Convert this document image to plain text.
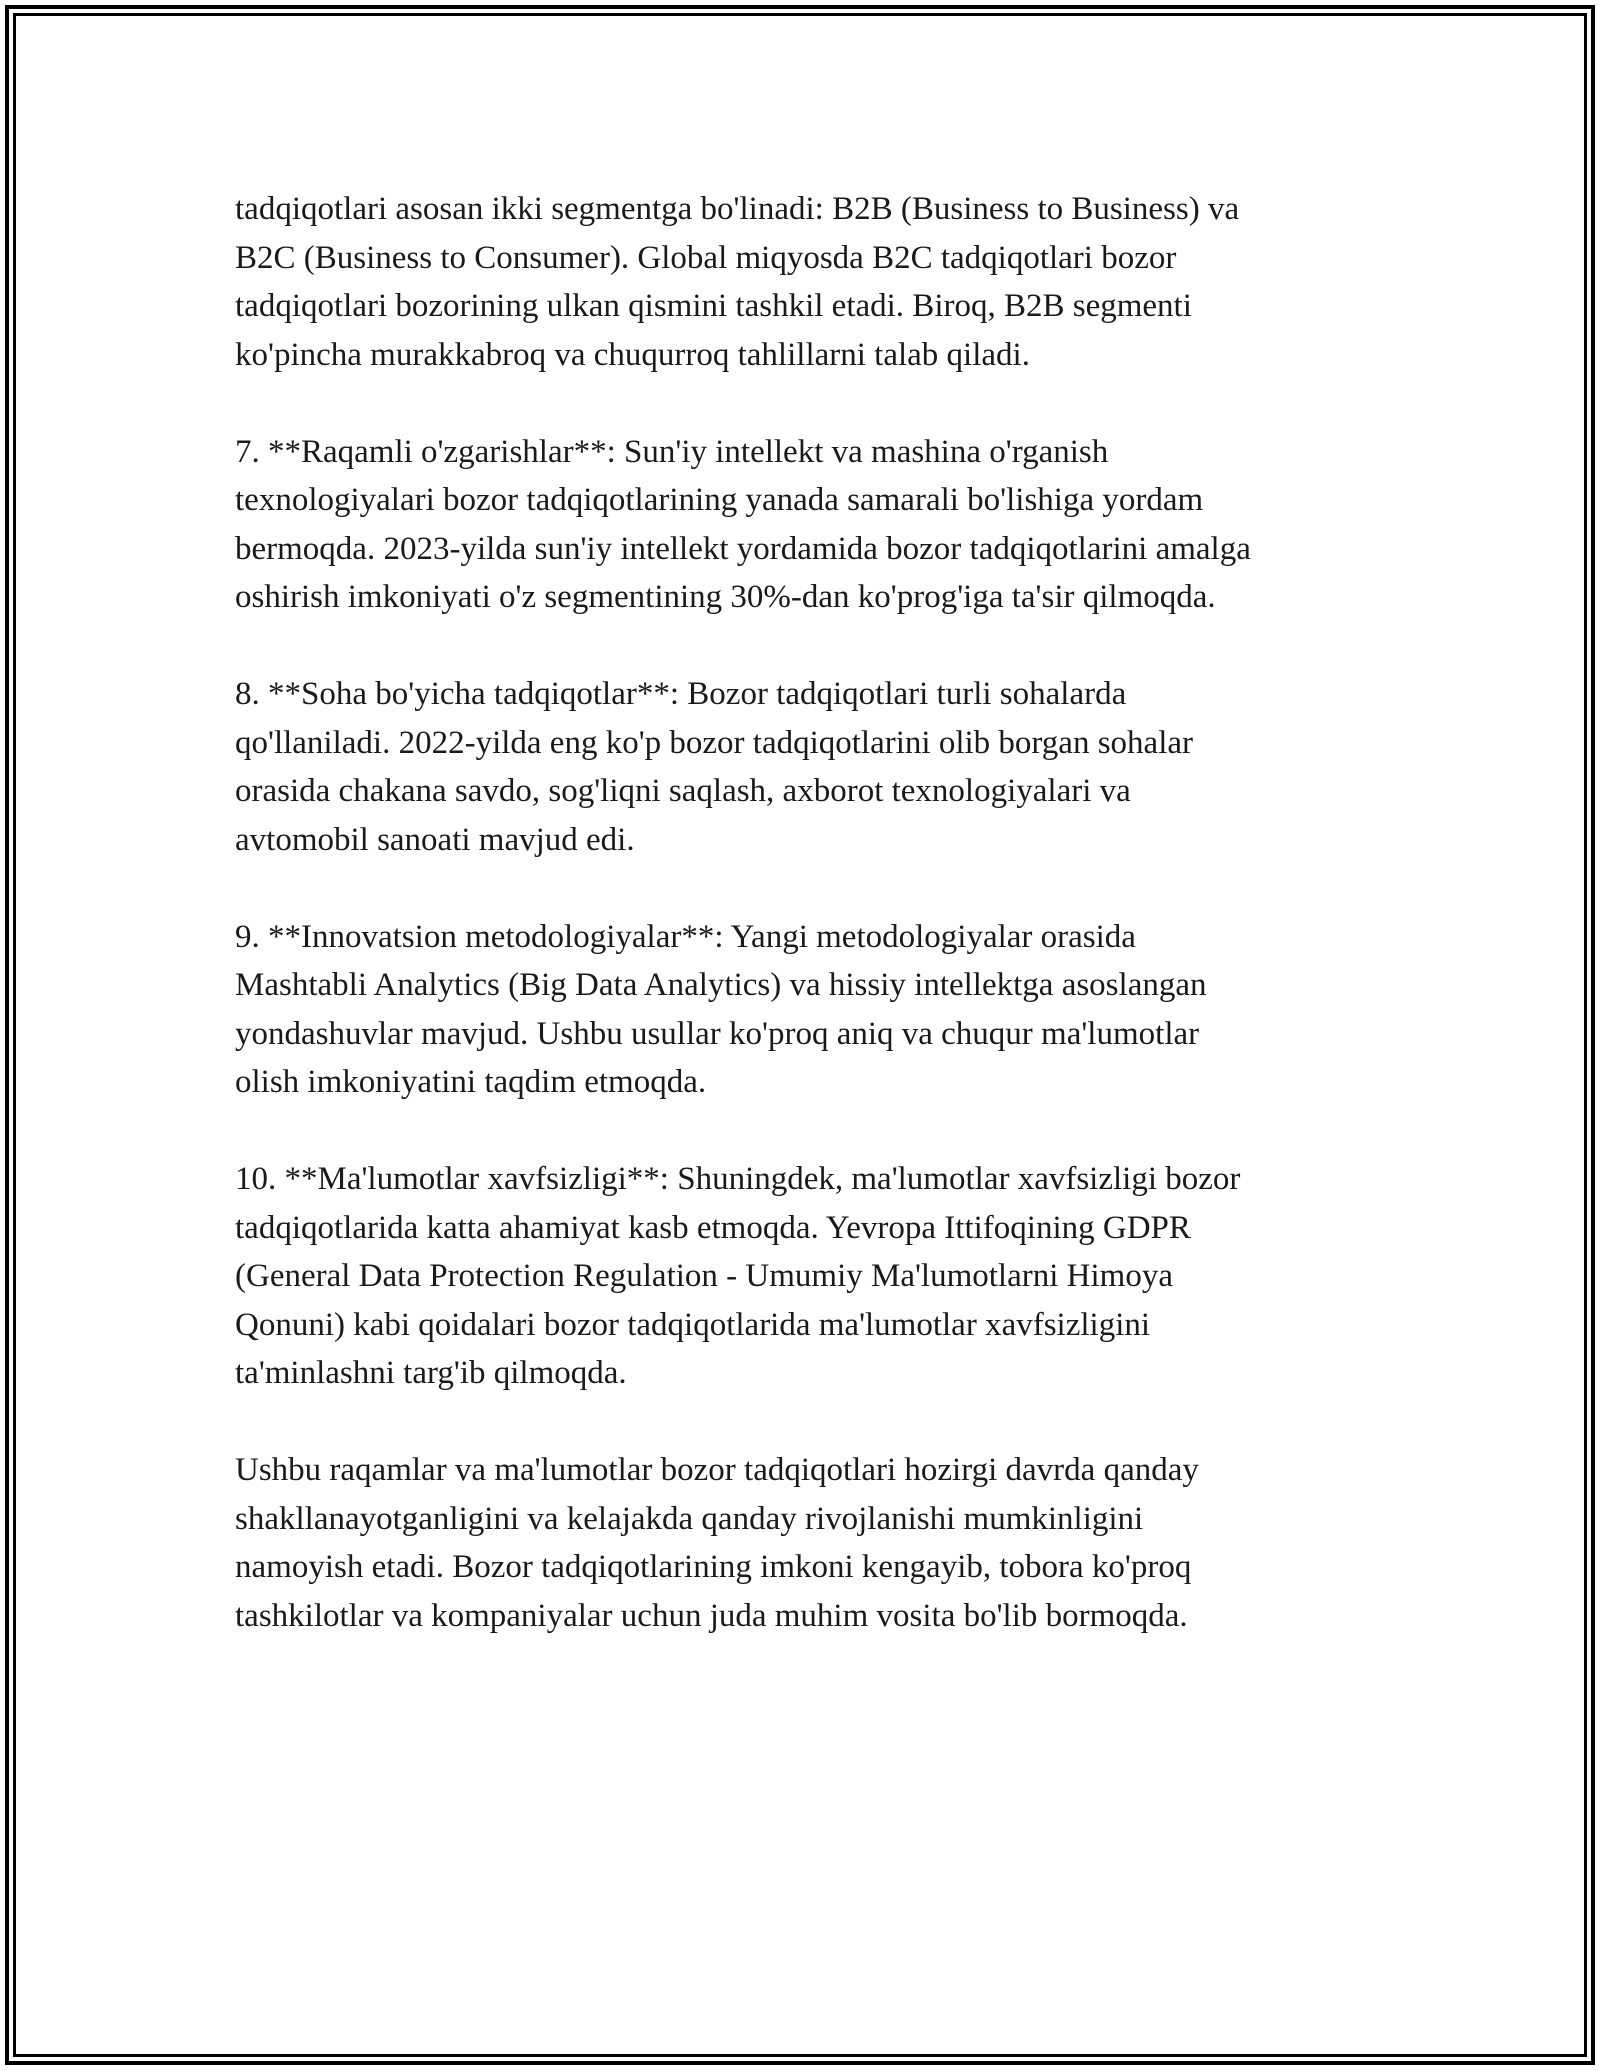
tadqiqotlari asosan ikki segmentga bo'linadi: B2B (Business to Business) va
B2C (Business to Consumer). Global miqyosda B2C tadqiqotlari bozor
tadqiqotlari bozorining ulkan qismini tashkil etadi. Biroq, B2B segmenti
ko'pincha murakkabroq va chuqurroq tahlillarni talab qiladi.

7. **Raqamli o'zgarishlar**: Sun'iy intellekt va mashina o'rganish
texnologiyalari bozor tadqiqotlarining yanada samarali bo'lishiga yordam
bermoqda. 2023-yilda sun'iy intellekt yordamida bozor tadqiqotlarini amalga
oshirish imkoniyati o'z segmentining 30%-dan ko'prog'iga ta'sir qilmoqda.

8. **Soha bo'yicha tadqiqotlar**: Bozor tadqiqotlari turli sohalarda
qo'llaniladi. 2022-yilda eng ko'p bozor tadqiqotlarini olib borgan sohalar
orasida chakana savdo, sog'liqni saqlash, axborot texnologiyalari va
avtomobil sanoati mavjud edi.

9. **Innovatsion metodologiyalar**: Yangi metodologiyalar orasida
Mashtabli Analytics (Big Data Analytics) va hissiy intellektga asoslangan
yondashuvlar mavjud. Ushbu usullar ko'proq aniq va chuqur ma'lumotlar
olish imkoniyatini taqdim etmoqda.

10. **Ma'lumotlar xavfsizligi**: Shuningdek, ma'lumotlar xavfsizligi bozor
tadqiqotlarida katta ahamiyat kasb etmoqda. Yevropa Ittifoqining GDPR
(General Data Protection Regulation - Umumiy Ma'lumotlarni Himoya
Qonuni) kabi qoidalari bozor tadqiqotlarida ma'lumotlar xavfsizligini
ta'minlashni targ'ib qilmoqda.

Ushbu raqamlar va ma'lumotlar bozor tadqiqotlari hozirgi davrda qanday
shakllanayotganligini va kelajakda qanday rivojlanishi mumkinligini
namoyish etadi. Bozor tadqiqotlarining imkoni kengayib, tobora ko'proq
tashkilotlar va kompaniyalar uchun juda muhim vosita bo'lib bormoqda.
